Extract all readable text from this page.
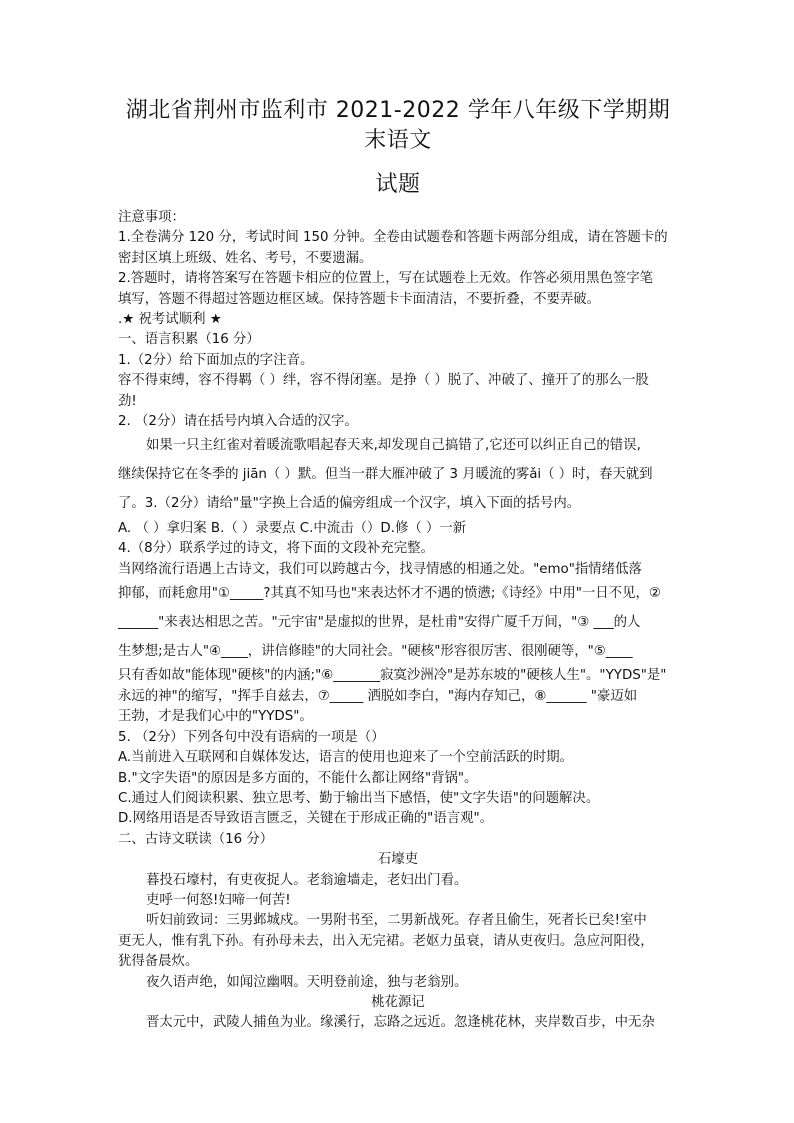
湖北省荆州市监利市 2021-2022 学年八年级下学期期末语文

试题

注意事项：

1.全卷满分 120 分，考试时间 150 分钟。全卷由试题卷和答题卡两部分组成，请在答题卡的

密封区填上班级、姓名、考号，不要遗漏。

2.答题时，请将答案写在答题卡相应的位置上，写在试题卷上无效。作答必须用黑色签字笔

填写，答题不得超过答题边框区域。保持答题卡卡面清洁，不要折叠，不要弄破。

.★ 祝考试顺利 ★

一、语言积累（16 分）

1.（2分）给下面加点的字注音。

容不得束缚，容不得羁（ ）绊，容不得闭塞。是挣（ ）脱了、冲破了、撞开了的那么一股

劲!

2. （2分）请在括号内填入合适的汉字。

如果一只主红雀对着暖流歌唱起春天来,却发现自己搞错了,它还可以纠正自己的错误,

继续保持它在冬季的 jiān（ ）默。但当一群大雁冲破了 3 月暖流的雾ǎi（ ）时，春天就到

了。3.（2分）请给"量"字换上合适的偏旁组成一个汉字，填入下面的括号内。

A. （ ）拿归案 B.（ ）录要点 C.中流击（）D.修（ ）一新

4.（8分）联系学过的诗文，将下面的文段补充完整。

当网络流行语遇上古诗文，我们可以跨越古今，找寻情感的相通之处。"emo"指情绪低落

抑郁，而耗愈用"①_____?其真不知马也"来表达怀才不遇的愤懑;《诗经》中用"一日不见，②

______"来表达相思之苦。"元宇宙"是虚拟的世界，是杜甫"安得广厦千万间，"③ ___的人

生梦想;是古人"④____，讲信修睦"的大同社会。"硬核"形容很厉害、很刚硬等，"⑤____

只有香如故"能体现"硬核"的内涵;"⑥_______寂寞沙洲冷"是苏东坡的"硬核人生"。"YYDS"是"

永远的神"的缩写，"挥手自兹去，⑦_____ 洒脱如李白，"海内存知己，⑧______ "豪迈如

王勃，才是我们心中的"YYDS"。

5. （2分）下列各句中没有语病的一项是（）

A.当前进入互联网和自媒体发达，语言的使用也迎来了一个空前活跃的时期。

B."文字失语"的原因是多方面的，不能什么都让网络"背锅"。

C.通过人们阅读积累、独立思考、勤于输出当下感悟，使"文字失语"的问题解决。

D.网络用语是否导致语言匮乏，关键在于形成正确的"语言观"。

二、古诗文联读（16 分）

石壕吏

暮投石壕村，有吏夜捉人。老翁逾墙走，老妇出门看。

吏呼一何怒!妇啼一何苦!

听妇前致词：三男邺城戍。一男附书至，二男新战死。存者且偷生，死者长已矣!室中

更无人，惟有乳下孙。有孙母未去，出入无完裙。老妪力虽衰，请从吏夜归。急应河阳役，

犹得备晨炊。

夜久语声绝，如闻泣幽咽。天明登前途，独与老翁别。

桃花源记

晋太元中，武陵人捕鱼为业。缘溪行，忘路之远近。忽逢桃花林，夹岸数百步，中无杂
